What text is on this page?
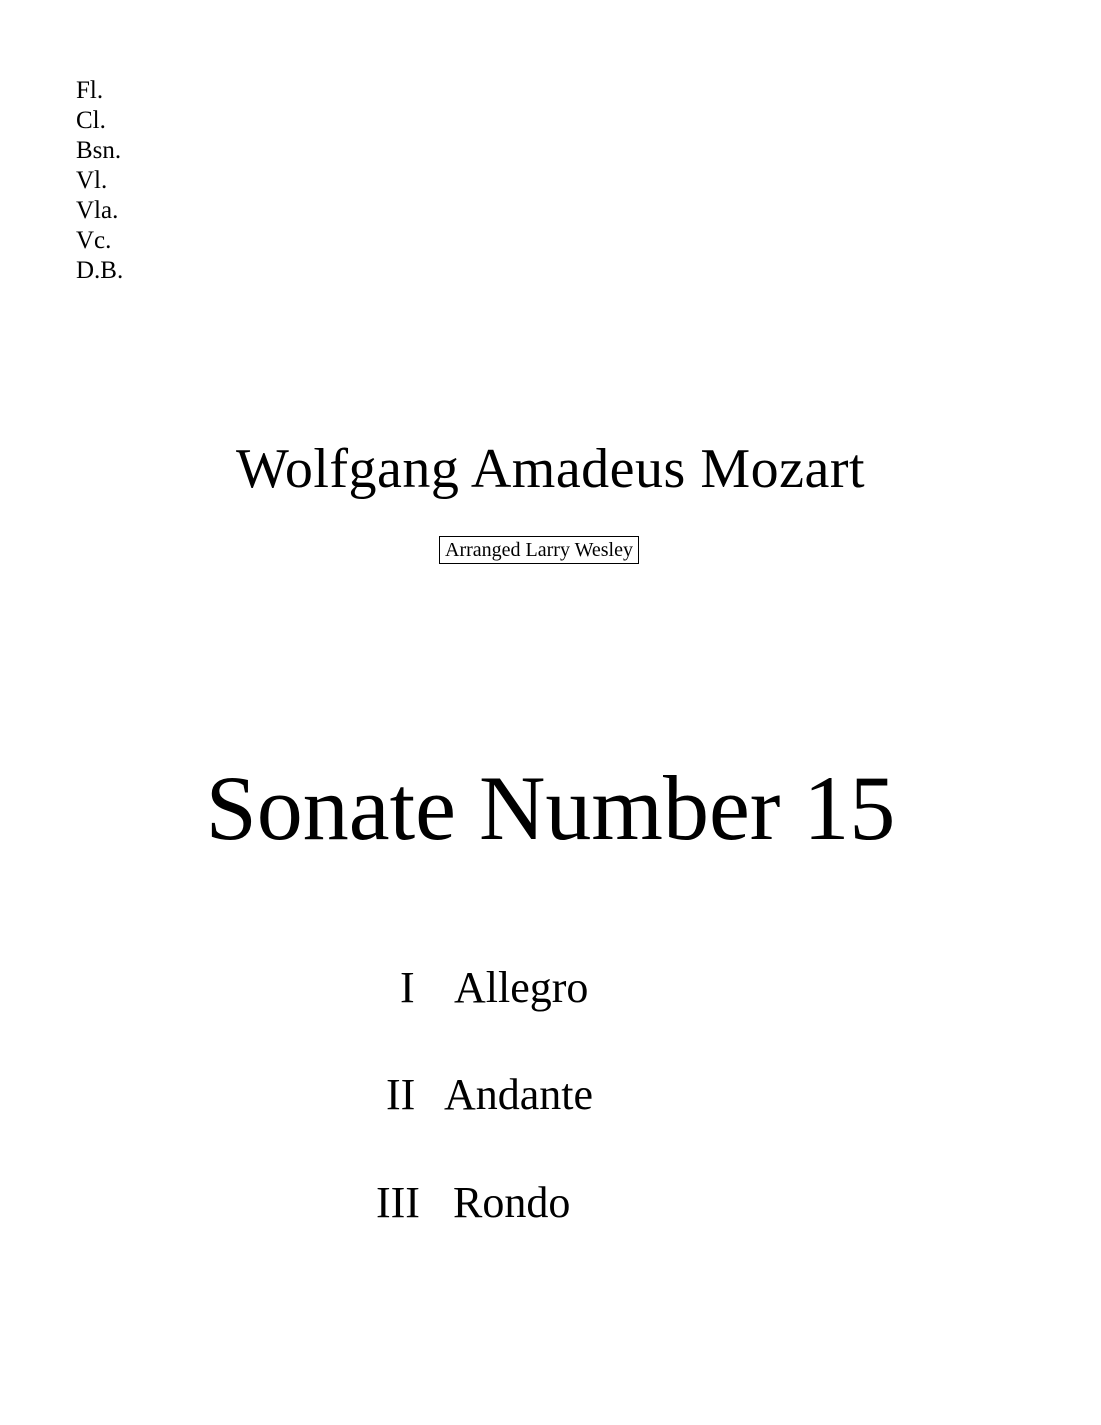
Fl.
Cl.
Bsn.
Vl.
Vla.
Vc.
D.B.
Wolfgang Amadeus Mozart
Arranged Larry Wesley
Sonate Number 15
I Allegro
II Andante
III Rondo
